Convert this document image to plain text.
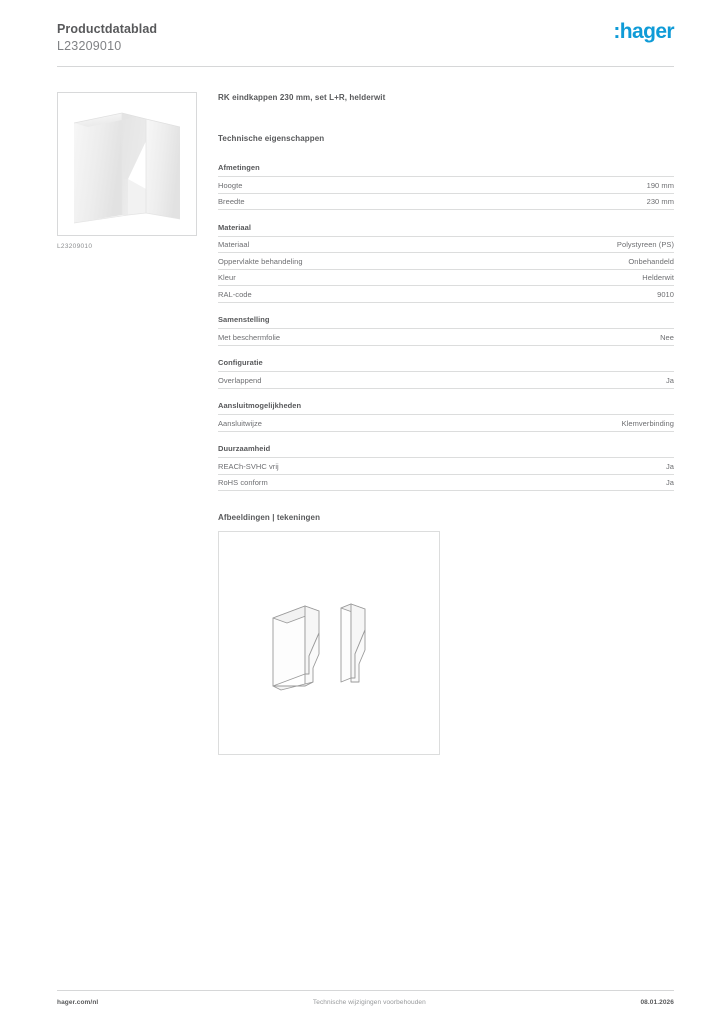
Productdatablad
L23209010
:hager
L23209010
RK eindkappen 230 mm, set L+R, helderwit
Technische eigenschappen
Afmetingen
Hoogte	190 mm
Breedte	230 mm
Materiaal
Materiaal	Polystyreen (PS)
Oppervlakte behandeling	Onbehandeld
Kleur	Helderwit
RAL-code	9010
Samenstelling
Met beschermfolie	Nee
Configuratie
Overlappend	Ja
Aansluitmogelijkheden
Aansluitwijze	Klemverbinding
Duurzaamheid
REACh-SVHC vrij	Ja
RoHS conform	Ja
Afbeeldingen | tekeningen
hager.com/nl	Technische wijzigingen voorbehouden	08.01.2026
